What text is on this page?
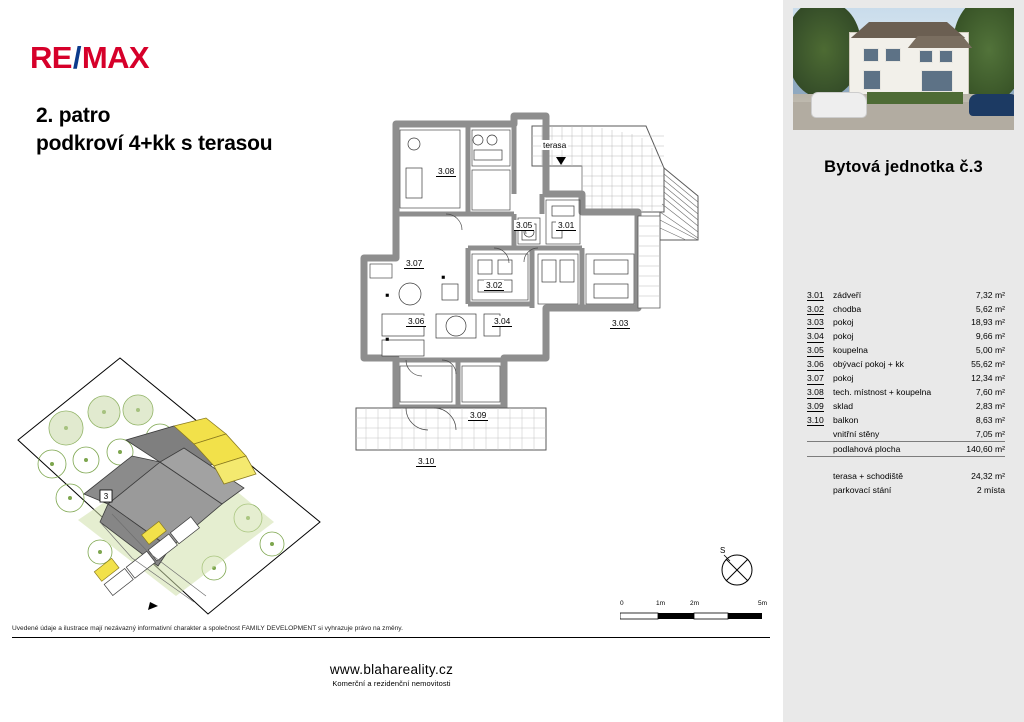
RE/MAX
2. patro
podkroví 4+kk s terasou	terasa
3.08
3.07
3.05	3.01
3.02
3.06	3.04	3.03
3.09
3.10
3
S
0	1m	2m	5m
Uvedené údaje a ilustrace mají nezávazný informativní charakter a společnost FAMILY DEVELOPMENT si vyhrazuje právo na změny.
www.blahareality.cz
Komerční a rezidenční nemovitosti
Bytová jednotka č.3
3.01	zádveří	7,32 m²
3.02	chodba	5,62 m²
3.03	pokoj	18,93 m²
3.04	pokoj	9,66 m²
3.05	koupelna	5,00 m²
3.06	obývací pokoj + kk	55,62 m²
3.07	pokoj	12,34 m²
3.08	tech. místnost + koupelna	7,60 m²
3.09	sklad	2,83 m²
3.10	balkon	8,63 m²
	vnitřní stěny	7,05 m²
	podlahová plocha	140,60 m²

	terasa + schodiště	24,32 m²
	parkovací stání	2 místa
